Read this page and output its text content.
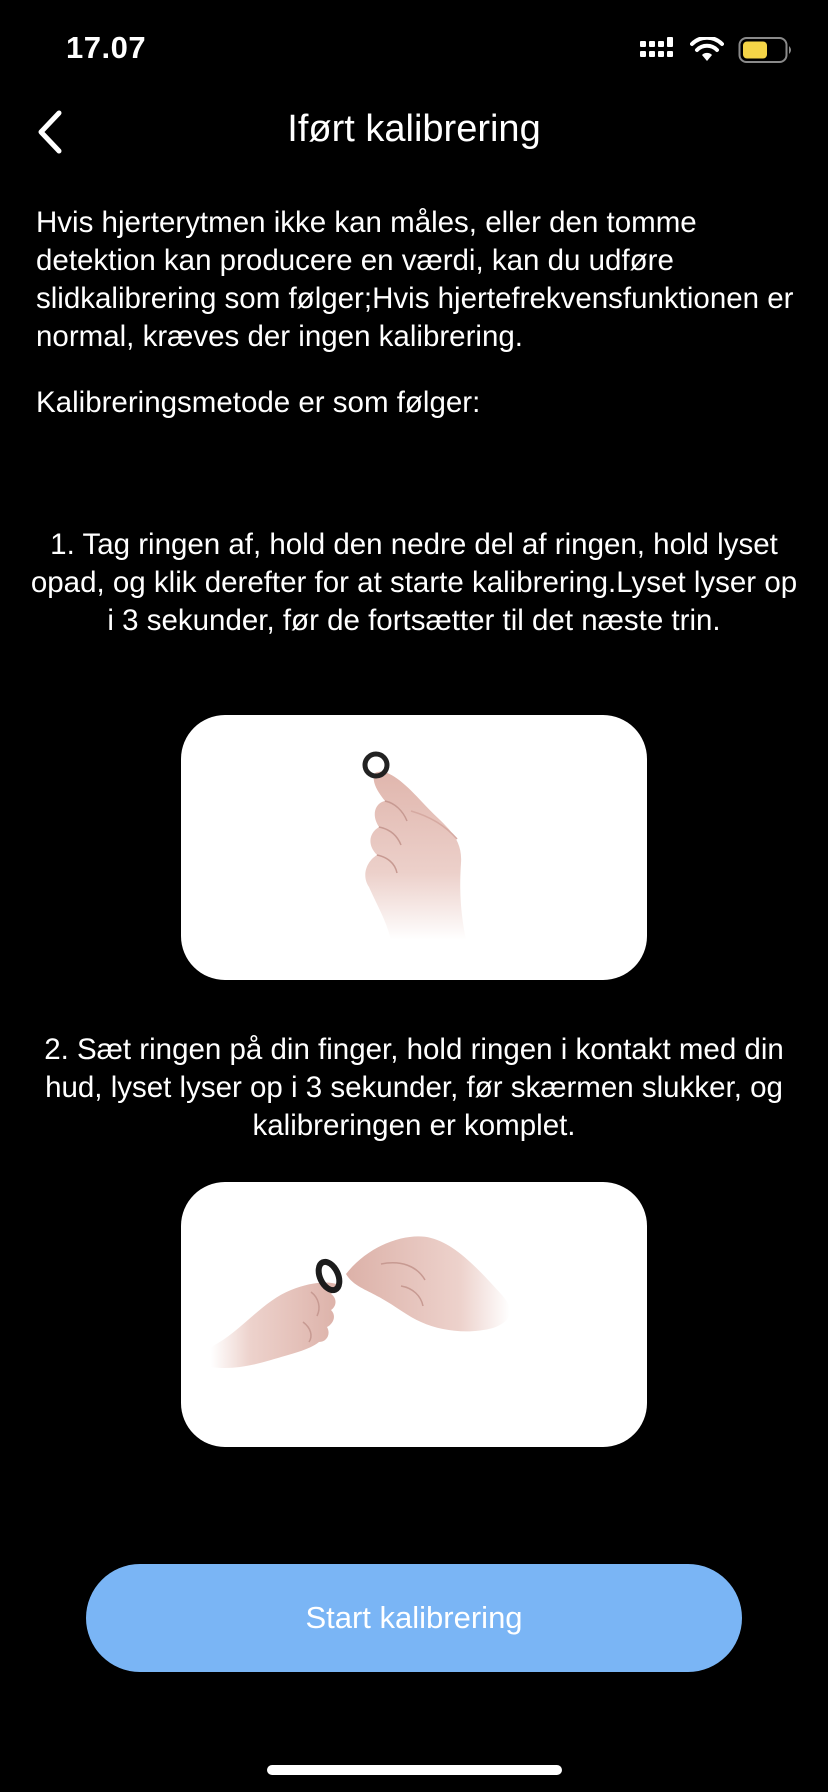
17.07
Iført kalibrering

Hvis hjerterytmen ikke kan måles, eller den tomme detektion kan producere en værdi, kan du udføre slidkalibrering som følger;Hvis hjertefrekvensfunktionen er normal, kræves der ingen kalibrering.

Kalibreringsmetode er som følger:

1. Tag ringen af, hold den nedre del af ringen, hold lyset opad, og klik derefter for at starte kalibrering.Lyset lyser op i 3 sekunder, før de fortsætter til det næste trin.

2. Sæt ringen på din finger, hold ringen i kontakt med din hud, lyset lyser op i 3 sekunder, før skærmen slukker, og kalibreringen er komplet.

Start kalibrering
